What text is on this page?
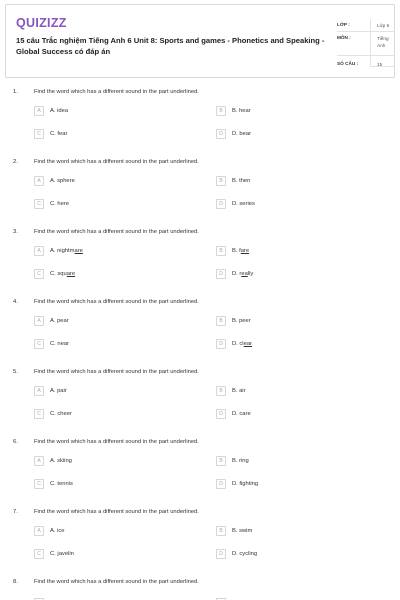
QUIZIZZ
15 câu Trắc nghiệm Tiếng Anh 6 Unit 8: Sports and games - Phonetics and Speaking - Global Success có đáp án
LỚP :	Lớp 6
MÔN :	Tiếng Anh
SỐ CÂU :	15
1.	Find the word which has a different sound in the part underlined.
A	A. idea	B	B. hear
C	C. fear	D	D. bear
2.	Find the word which has a different sound in the part underlined.
A	A. sphere	B	B. then
C	C. here	D	D. series
3.	Find the word which has a different sound in the part underlined.
A	A. nightmare	B	B. fare
C	C. square	D	D. really
4.	Find the word which has a different sound in the part underlined.
A	A. pear	B	B. peer
C	C. near	D	D. clear
5.	Find the word which has a different sound in the part underlined.
A	A. pair	B	B. air
C	C. cheer	D	D. care
6.	Find the word which has a different sound in the part underlined.
A	A. skiing	B	B. ring
C	C. tennis	D	D. fighting
7.	Find the word which has a different sound in the part underlined.
A	A. ice	B	B. swim
C	C. javelin	D	D. cycling
8.	Find the word which has a different sound in the part underlined.
